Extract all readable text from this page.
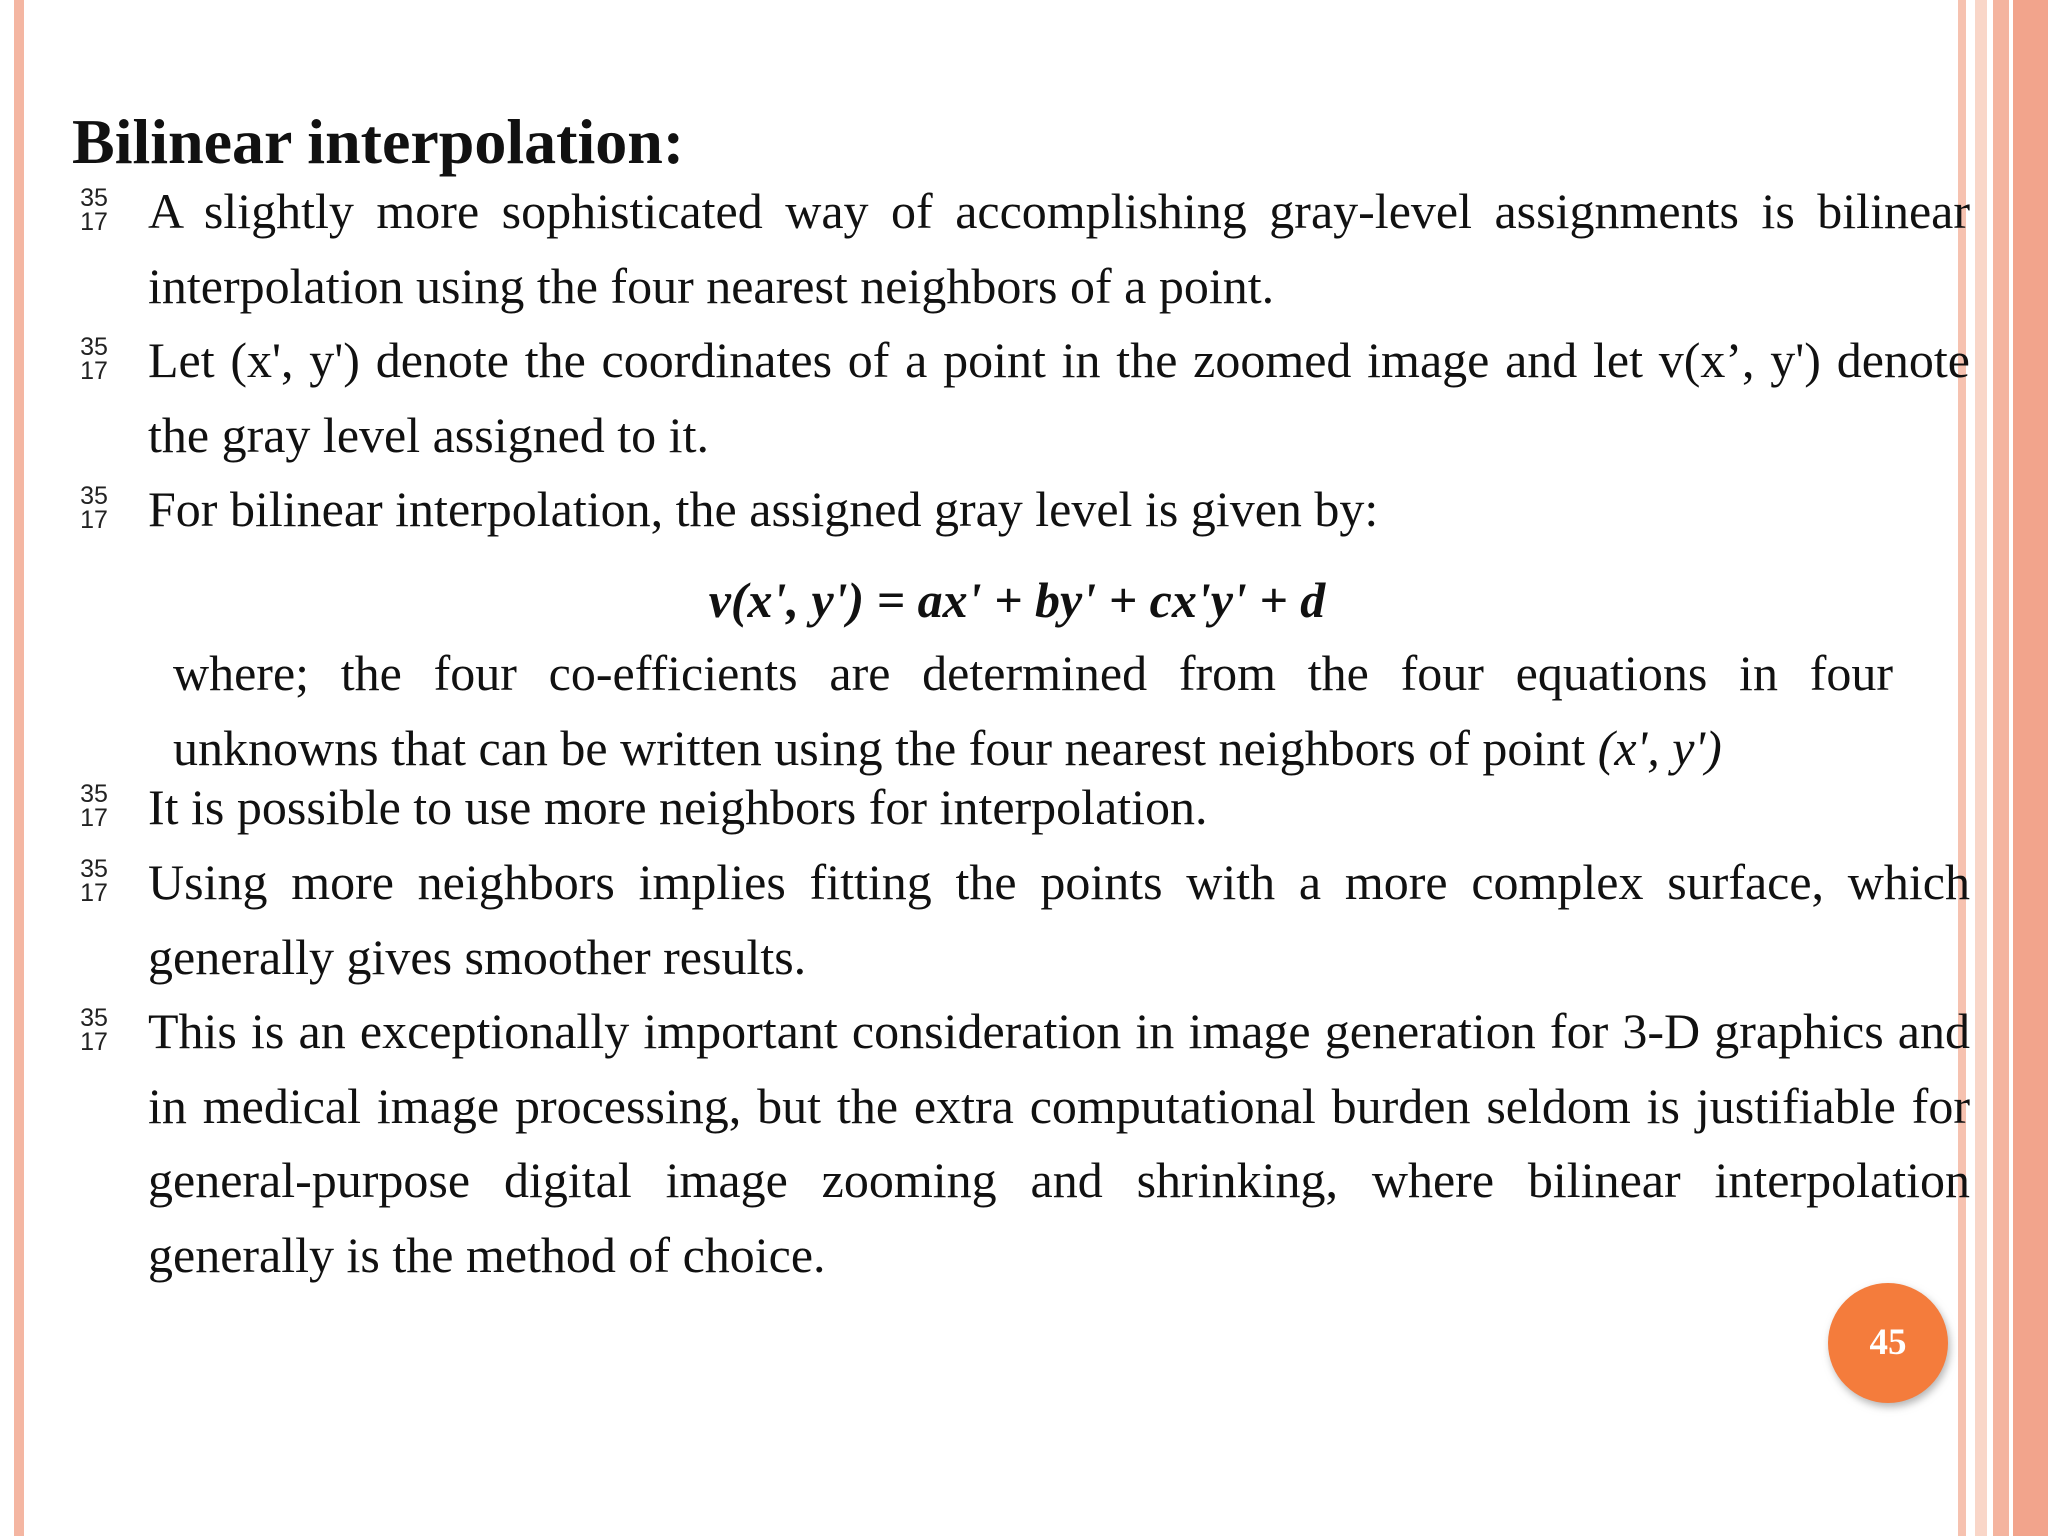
Bilinear interpolation:
35
17 A slightly more sophisticated way of accomplishing gray-level assignments is bilinear interpolation using the four nearest neighbors of a point.
35
17 Let (x', y') denote the coordinates of a point in the zoomed image and let v(x’, y') denote the gray level assigned to it.
35
17 For bilinear interpolation, the assigned gray level is given by:
v(x', y') = ax' + by' + cx'y' + d
where; the four co-efficients are determined from the four equations in four unknowns that can be written using the four nearest neighbors of point (x', y')
35
17 It is possible to use more neighbors for interpolation.
35
17 Using more neighbors implies fitting the points with a more complex surface, which generally gives smoother results.
35
17 This is an exceptionally important consideration in image generation for 3-D graphics and in medical image processing, but the extra computational burden seldom is justifiable for general-purpose digital image zooming and shrinking, where bilinear interpolation generally is the method of choice.
45
